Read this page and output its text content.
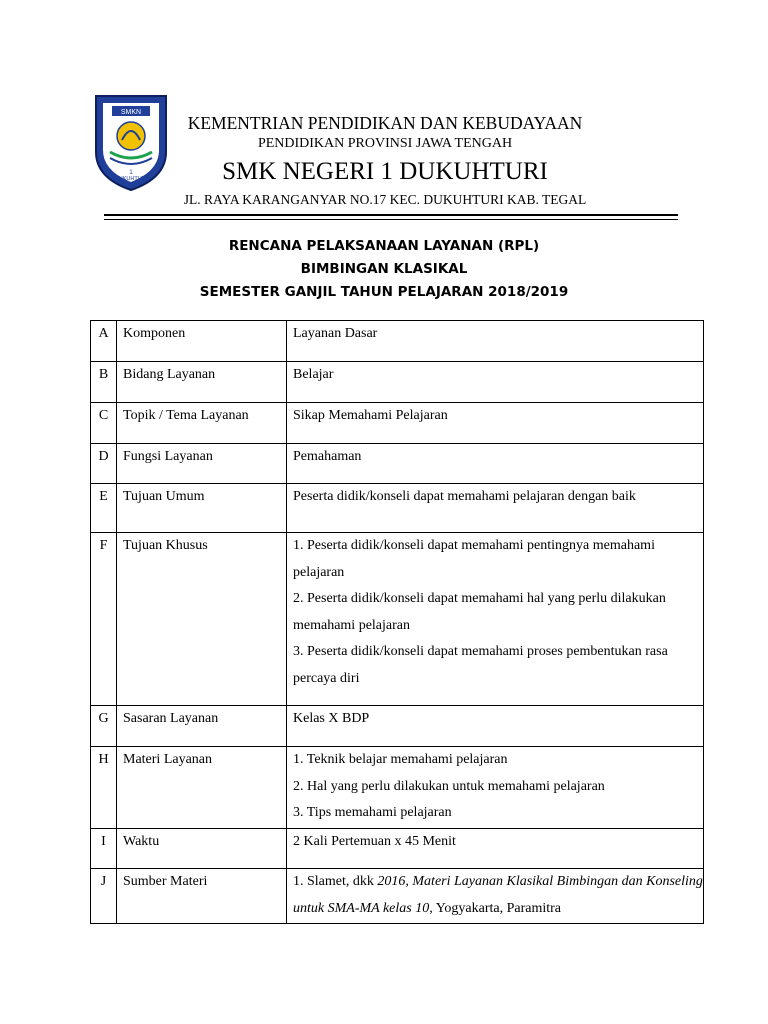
SMKN
1
DUKUHTURI
KEMENTRIAN PENDIDIKAN DAN KEBUDAYAAN
PENDIDIKAN PROVINSI JAWA TENGAH
SMK NEGERI 1 DUKUHTURI
JL. RAYA KARANGANYAR NO.17 KEC. DUKUHTURI KAB. TEGAL
RENCANA PELAKSANAAN LAYANAN (RPL)
BIMBINGAN KLASIKAL
SEMESTER GANJIL TAHUN PELAJARAN 2018/2019
A	Komponen	Layanan Dasar
B	Bidang Layanan	Belajar
C	Topik / Tema Layanan	Sikap Memahami Pelajaran
D	Fungsi Layanan	Pemahaman
E	Tujuan Umum	Peserta didik/konseli dapat memahami pelajaran dengan baik
F	Tujuan Khusus	1. Peserta didik/konseli dapat memahami pentingnya memahami pelajaran
2. Peserta didik/konseli dapat memahami hal yang perlu dilakukan memahami pelajaran
3. Peserta didik/konseli dapat memahami proses pembentukan rasa percaya diri

G	Sasaran Layanan	Kelas X BDP
H	Materi Layanan	1. Teknik belajar memahami pelajaran
2. Hal yang perlu dilakukan untuk memahami pelajaran
3. Tips memahami pelajaran

I	Waktu	2 Kali Pertemuan x 45 Menit
J	Sumber Materi	1. Slamet, dkk 2016, Materi Layanan Klasikal Bimbingan dan Konseling untuk SMA-MA kelas 10, Yogyakarta, Paramitra
